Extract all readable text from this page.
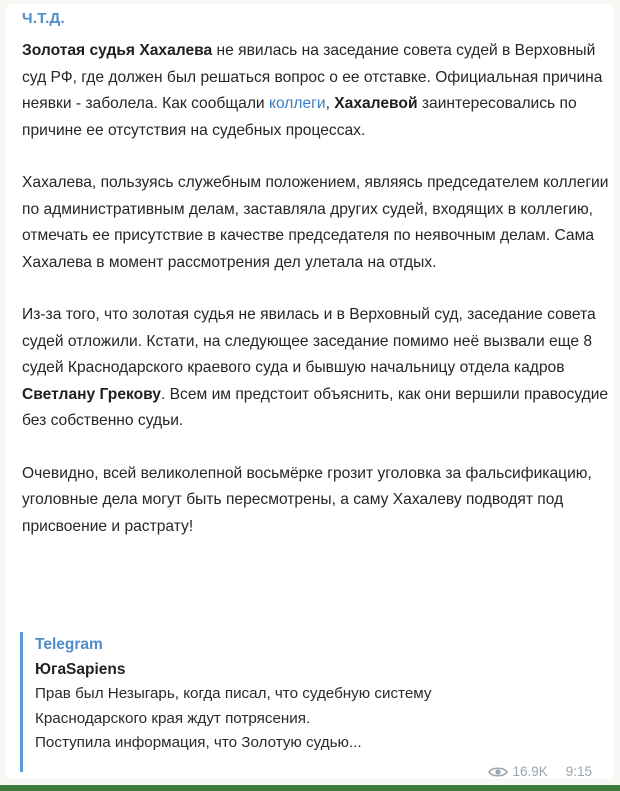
Ч.Т.Д.

Золотая судья Хахалева не явилась на заседание совета судей в Верховный суд РФ, где должен был решаться вопрос о ее отставке. Официальная причина неявки - заболела. Как сообщали коллеги, Хахалевой заинтересовались по причине ее отсутствия на судебных процессах.

Хахалева, пользуясь служебным положением, являясь председателем коллегии по административным делам, заставляла других судей, входящих в коллегию, отмечать ее присутствие в качестве председателя по неявочным делам. Сама Хахалева в момент рассмотрения дел улетала на отдых.

Из-за того, что золотая судья не явилась и в Верховный суд, заседание совета судей отложили. Кстати, на следующее заседание помимо неё вызвали еще 8 судей Краснодарского краевого суда и бывшую начальницу отдела кадров Светлану Грекову. Всем им предстоит объяснить, как они вершили правосудие без собственно судьи.

Очевидно, всей великолепной восьмёрке грозит уголовка за фальсификацию, уголовные дела могут быть пересмотрены, а саму Хахалеву подводят под присвоение и растрату!

Telegram
ЮгаSapiens
Прав был Незыгарь, когда писал, что судебную систему Краснодарского края ждут потрясения.
Поступила информация, что Золотую судью...
16.9K 9:15
